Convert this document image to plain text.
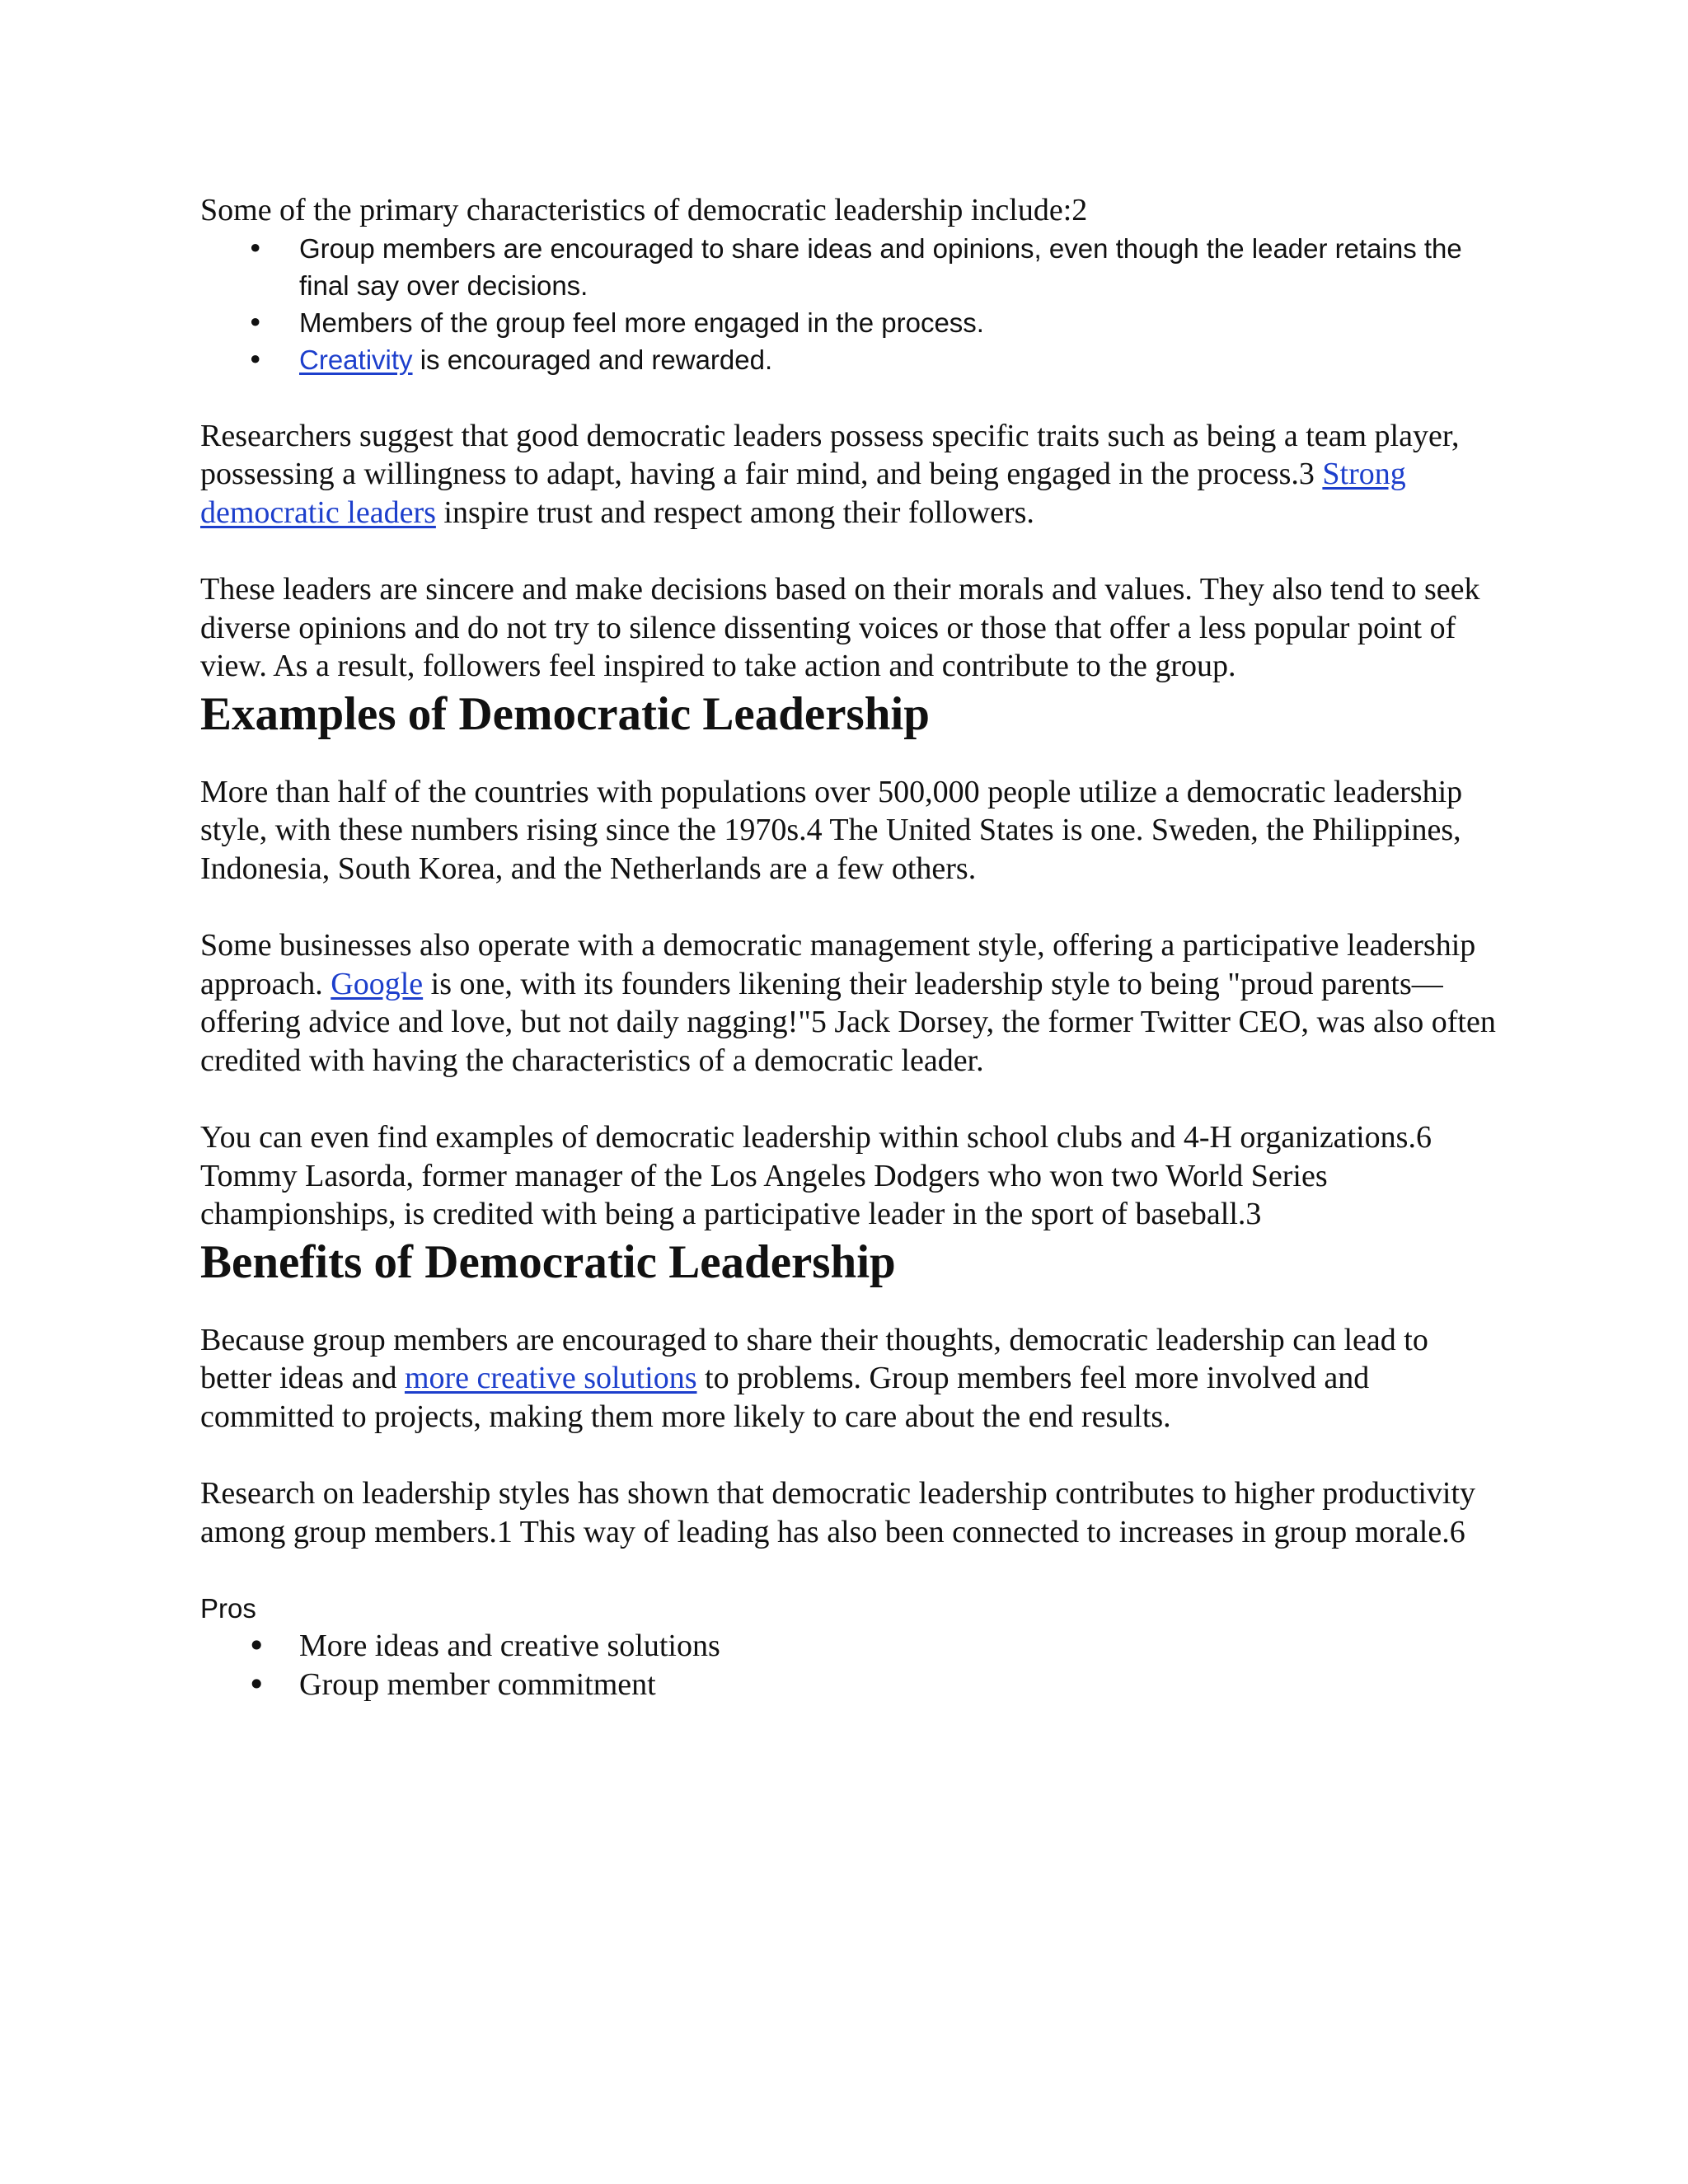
Some of the primary characteristics of democratic leadership include:2

• Group members are encouraged to share ideas and opinions, even though the leader retains the final say over decisions.
• Members of the group feel more engaged in the process.
• Creativity is encouraged and rewarded.

Researchers suggest that good democratic leaders possess specific traits such as being a team player, possessing a willingness to adapt, having a fair mind, and being engaged in the process.3 Strong democratic leaders inspire trust and respect among their followers.

These leaders are sincere and make decisions based on their morals and values. They also tend to seek diverse opinions and do not try to silence dissenting voices or those that offer a less popular point of view. As a result, followers feel inspired to take action and contribute to the group.

Examples of Democratic Leadership

More than half of the countries with populations over 500,000 people utilize a democratic leadership style, with these numbers rising since the 1970s.4 The United States is one. Sweden, the Philippines, Indonesia, South Korea, and the Netherlands are a few others.

Some businesses also operate with a democratic management style, offering a participative leadership approach. Google is one, with its founders likening their leadership style to being "proud parents—offering advice and love, but not daily nagging!"5 Jack Dorsey, the former Twitter CEO, was also often credited with having the characteristics of a democratic leader.

You can even find examples of democratic leadership within school clubs and 4-H organizations.6 Tommy Lasorda, former manager of the Los Angeles Dodgers who won two World Series championships, is credited with being a participative leader in the sport of baseball.3

Benefits of Democratic Leadership

Because group members are encouraged to share their thoughts, democratic leadership can lead to better ideas and more creative solutions to problems. Group members feel more involved and committed to projects, making them more likely to care about the end results.

Research on leadership styles has shown that democratic leadership contributes to higher productivity among group members.1 This way of leading has also been connected to increases in group morale.6

Pros

• More ideas and creative solutions
• Group member commitment
